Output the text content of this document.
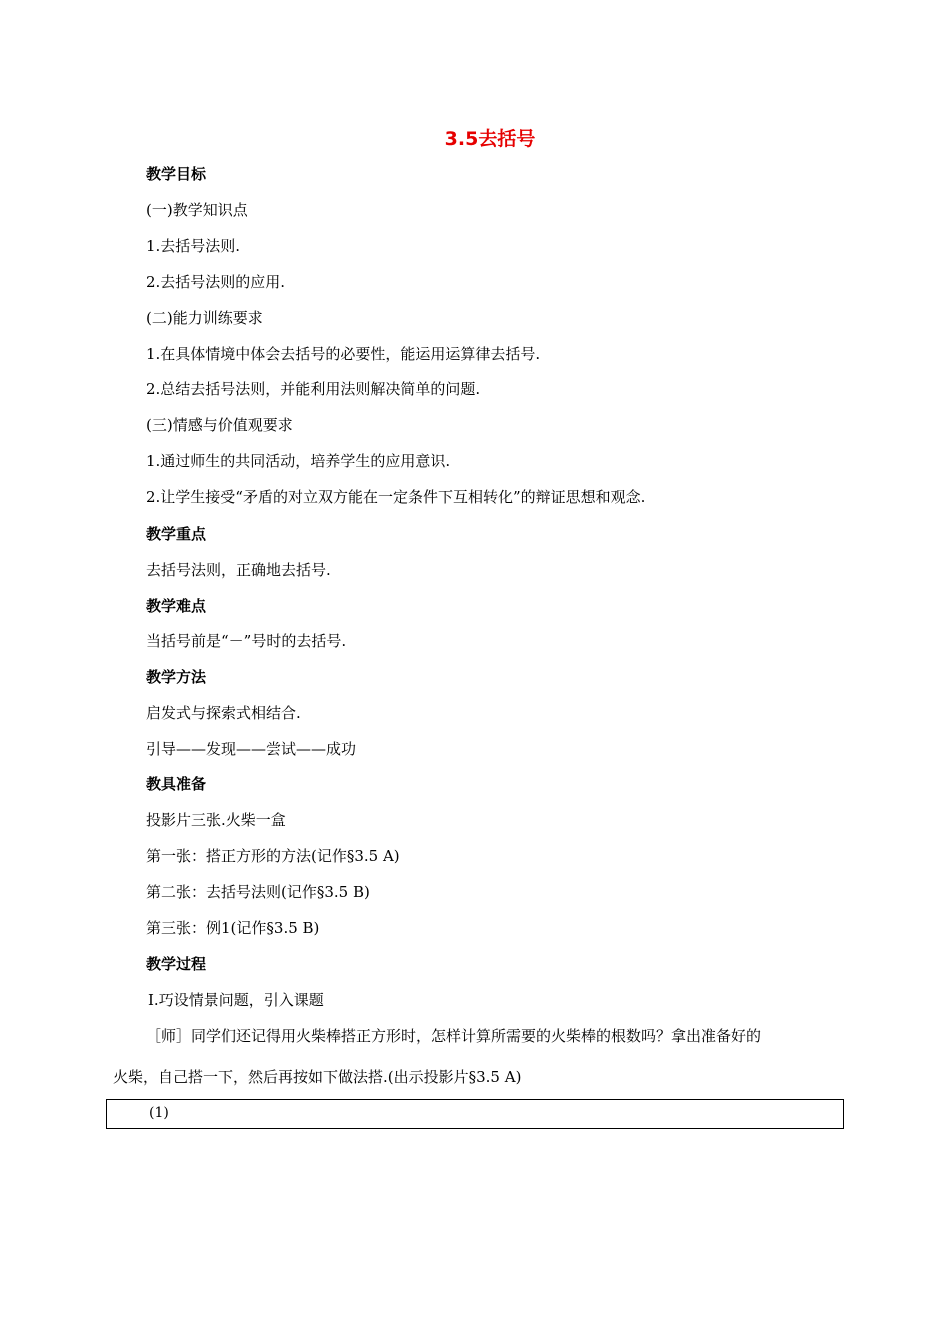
3.5去括号
教学目标
(一)教学知识点
1.去括号法则.
2.去括号法则的应用.
(二)能力训练要求
1.在具体情境中体会去括号的必要性，能运用运算律去括号.
2.总结去括号法则，并能利用法则解决简单的问题.
(三)情感与价值观要求
1.通过师生的共同活动，培养学生的应用意识.
2.让学生接受“矛盾的对立双方能在一定条件下互相转化”的辩证思想和观念.
教学重点
去括号法则，正确地去括号.
教学难点
当括号前是“－”号时的去括号.
教学方法
启发式与探索式相结合.
引导——发现——尝试——成功
教具准备
投影片三张.火柴一盒
第一张：搭正方形的方法(记作§3.5 A)
第二张：去括号法则(记作§3.5 B)
第三张：例1(记作§3.5 B)
教学过程
Ⅰ.巧设情景问题，引入课题
［师］同学们还记得用火柴棒搭正方形时，怎样计算所需要的火柴棒的根数吗？拿出准备好的
火柴，自己搭一下，然后再按如下做法搭.(出示投影片§3.5 A)
(1)
